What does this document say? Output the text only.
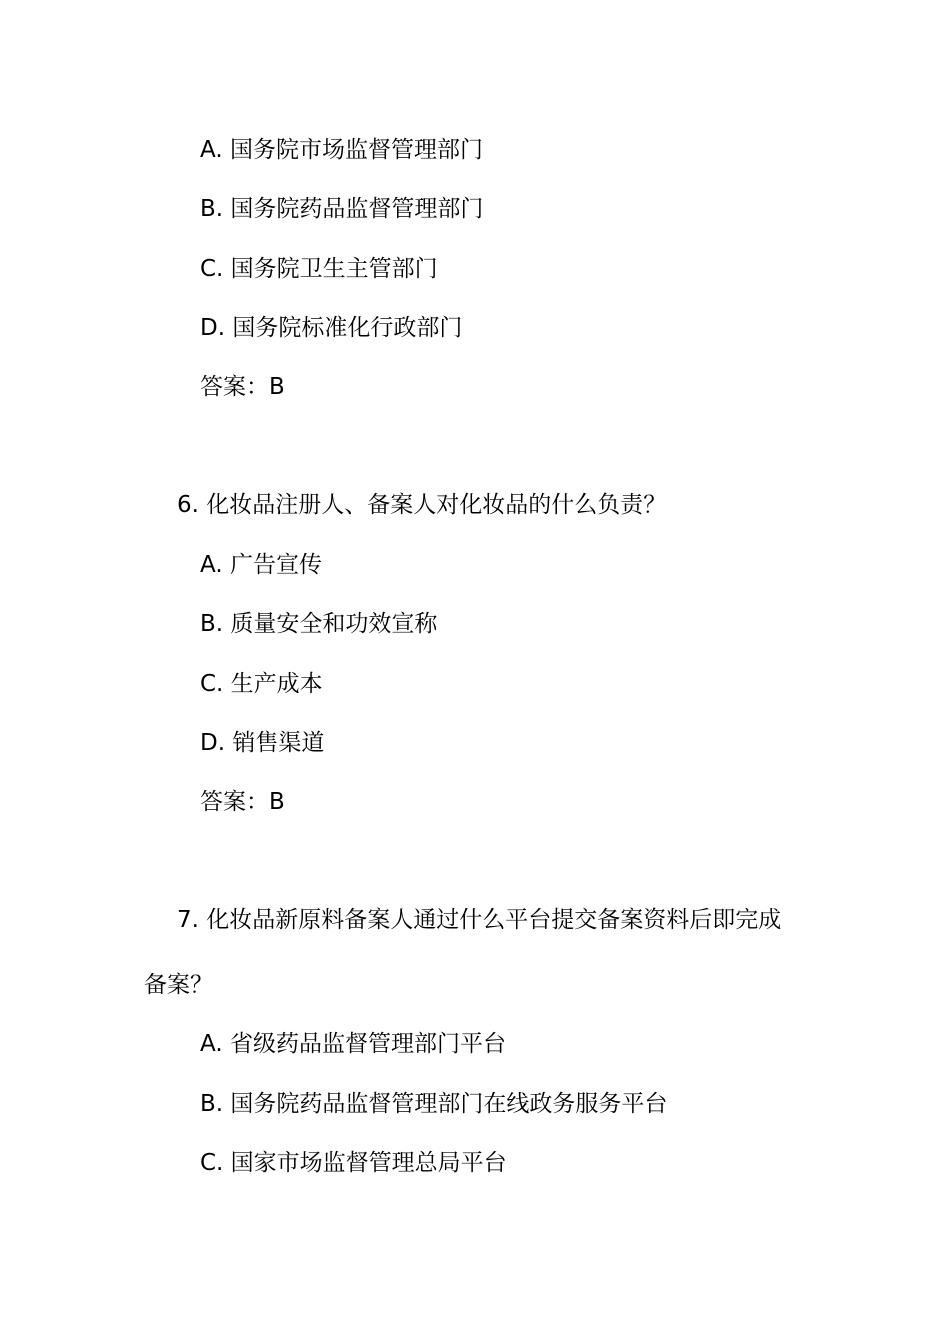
A. 国务院市场监督管理部门
B. 国务院药品监督管理部门
C. 国务院卫生主管部门
D. 国务院标准化行政部门
答案：B
6. 化妆品注册人、备案人对化妆品的什么负责？
A. 广告宣传
B. 质量安全和功效宣称
C. 生产成本
D. 销售渠道
答案：B
7. 化妆品新原料备案人通过什么平台提交备案资料后即完成
备案？
A. 省级药品监督管理部门平台
B. 国务院药品监督管理部门在线政务服务平台
C. 国家市场监督管理总局平台
